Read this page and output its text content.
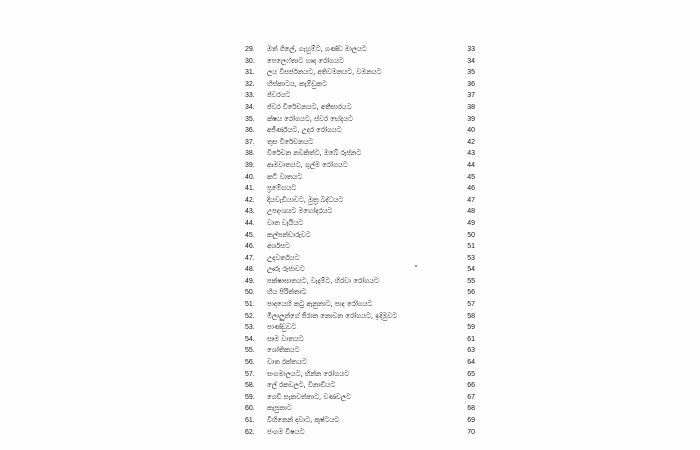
29.	ඔත් ගිලේ, ගැහුම්ට, ගණ්ඩ මාලයට	33
30.	පෙලෙෆ්තාට හෘද රෝගයට	34
31.	ලය විසර්ජනයට, අතිවමනයට, වමනයට	35
32.	හිස්කාටය, කැම්ඩුකට	36
33.	ජ්වරයට	37
34.	ජ්වර විරේචනයට, අතීසාරයට	38
35.	ක්ෂය රෝගයට, ස්වර භේදයට	39
36.	අජීර්ණයට, උදර රෝගයට	40
37.	තුස විරේචනයට	42
38.	විරේචන නවකිත්ට, ඔබේ රුප්නට	43
39.	ආමවාතයට, ගුල්ම රෝගයට	44
40.	කටි වාතයට	45
41.	ප්‍රමේහයට	46
42.	දියවැඩියාවට, මුත්‍ර බද්ධයට	47
43.	උපදංශයට මහෝදරයට	48
44.	වාත වෑයියට	49
45.	කල්පන්ඩාරුවට	50
46.	අර්ශසට	51
47.	උදාවර්තයට	53
48.	ඌරු රුජාවට	54
49.	පක්ෂාඝාතයට, වැදම්ට, හිරවා රෝගයට	55
50.	හිය පිරිත්තාට	56
51.	පාදයෙහි කටු ඇනුනාට, පාද රෝගයට	57
52.	මිලාලුන්ගේ ජීරාන නොවන රෝගයට, ඉදිමුවට	58
53.	පාණ්ඩුවට	59
54.	සෘම වාතයට	61
55.	ශෝතිකයට	63
56.	වාත රක්තයට	64
57.	සංගමාලයට, භින්න රෝගයට	65
58.	ලේ රකවලට, විනාඩියට	66
59.	ගෙඩි සැකවත්තාට, වණවලට	67
60.	කැපුනාට	68
61.	විහිනෙන් දවාට, කුෂ්ටයට	69
62.	ජංගම විෂයට	70
